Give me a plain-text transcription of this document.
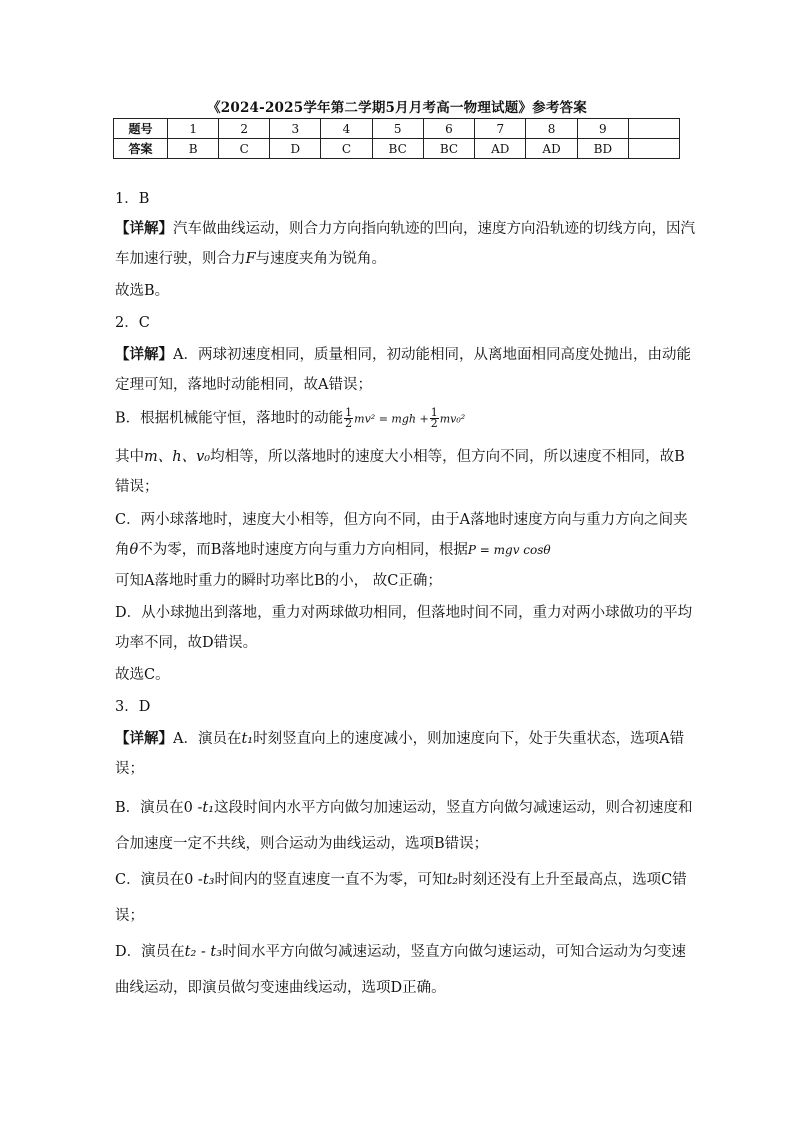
《2024-2025学年第二学期5月月考高一物理试题》参考答案
题号	1	2	3	4	5	6	7	8	9	
答案	B	C	D	C	BC	BC	AD	AD	BD	
1．B
【详解】汽车做曲线运动，则合力方向指向轨迹的凹向，速度方向沿轨迹的切线方向，因汽
车加速行驶，则合力F与速度夹角为锐角。
故选B。
2．C
【详解】A．两球初速度相同，质量相同，初动能相同，从离地面相同高度处抛出，由动能
定理可知，落地时动能相同，故A错误；
B．根据机械能守恒，落地时的动能 $\frac{1}{2} mv^2$ = mgh + $\frac{1}{2} mv_0^2$
其中m、h、v₀均相等，所以落地时的速度大小相等，但方向不同，所以速度不相同，故B
错误；
C．两小球落地时，速度大小相等，但方向不同，由于A落地时速度方向与重力方向之间夹
角θ不为零，而B落地时速度方向与重力方向相同，根据P = mgv cosθ
可知A落地时重力的瞬时功率比B的小， 故C正确；
D．从小球抛出到落地，重力对两球做功相同，但落地时间不同，重力对两小球做功的平均
功率不同，故D错误。
故选C。
3．D
【详解】A．演员在t₁时刻竖直向上的速度减小，则加速度向下，处于失重状态，选项A错
误；
B．演员在0 -t₁这段时间内水平方向做匀加速运动，竖直方向做匀减速运动，则合初速度和
合加速度一定不共线，则合运动为曲线运动，选项B错误；
C．演员在0 -t₃时间内的竖直速度一直不为零，可知t₂时刻还没有上升至最高点，选项C错
误；
D．演员在t₂ - t₃时间水平方向做匀减速运动，竖直方向做匀速运动，可知合运动为匀变速
曲线运动，即演员做匀变速曲线运动，选项D正确。
